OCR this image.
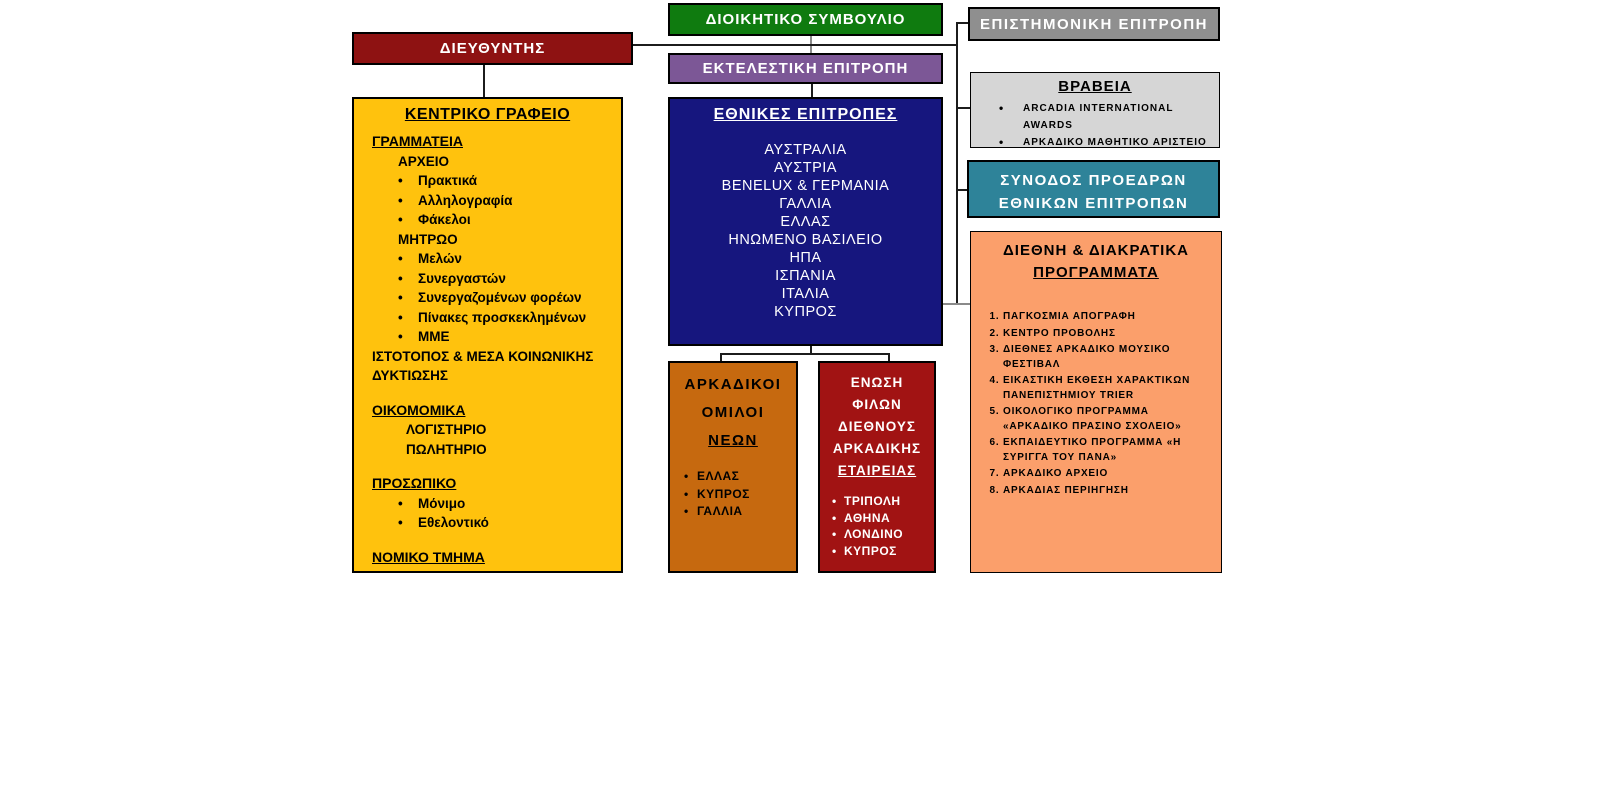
ΔΙΕΥΘΥΝΤΗΣ
ΔΙΟΙΚΗΤΙΚΟ ΣΥΜΒΟΥΛΙΟ	ΕΠΙΣΤΗΜΟΝΙΚΗ ΕΠΙΤΡΟΠΗ
ΕΚΤΕΛΕΣΤΙΚΗ ΕΠΙΤΡΟΠΗ
ΚΕΝΤΡΙΚΟ ΓΡΑΦΕΙΟ
ΓΡΑΜΜΑΤΕΙΑ
ΑΡΧΕΙΟ
• Πρακτικά
• Αλληλογραφία
• Φάκελοι
ΜΗΤΡΩΟ
• Μελών
• Συνεργαστών
• Συνεργαζομένων φορέων
• Πίνακες προσκεκλημένων
• ΜΜΕ
ΙΣΤΟΤΟΠΟΣ & ΜΕΣΑ ΚΟΙΝΩΝΙΚΗΣ ΔΥΚΤΙΩΣΗΣ
ΟΙΚΟΜΟΜΙΚΑ
ΛΟΓΙΣΤΗΡΙΟ
ΠΩΛΗΤΗΡΙΟ
ΠΡΟΣΩΠΙΚΟ
• Μόνιμο
• Εθελοντικό
ΝΟΜΙΚΟ ΤΜΗΜΑ
ΕΘΝΙΚΕΣ ΕΠΙΤΡΟΠΕΣ
ΑΥΣΤΡΑΛΙΑ
ΑΥΣΤΡΙΑ
BENELUX & ΓΕΡΜΑΝΙΑ
ΓΑΛΛΙΑ
ΕΛΛΑΣ
ΗΝΩΜΕΝΟ ΒΑΣΙΛΕΙΟ
ΗΠΑ
ΙΣΠΑΝΙΑ
ΙΤΑΛΙΑ
ΚΥΠΡΟΣ
ΒΡΑΒΕΙΑ
• ARCADIA INTERNATIONAL AWARDS
• ΑΡΚΑΔΙΚΟ ΜΑΘΗΤΙΚΟ ΑΡΙΣΤΕΙΟ
ΣΥΝΟΔΟΣ ΠΡΟΕΔΡΩΝ
ΕΘΝΙΚΩΝ ΕΠΙΤΡΟΠΩΝ
ΔΙΕΘΝΗ & ΔΙΑΚΡΑΤΙΚΑ
ΠΡΟΓΡΑΜΜΑΤΑ
1. ΠΑΓΚΟΣΜΙΑ ΑΠΟΓΡΑΦΗ
2. ΚΕΝΤΡΟ ΠΡΟΒΟΛΗΣ
3. ΔΙΕΘΝΕΣ ΑΡΚΑΔΙΚΟ ΜΟΥΣΙΚΟ ΦΕΣΤΙΒΑΛ
4. ΕΙΚΑΣΤΙΚΗ ΕΚΘΕΣΗ ΧΑΡΑΚΤΙΚΩΝ ΠΑΝΕΠΙΣΤΗΜΙΟΥ TRIER
5. ΟΙΚΟΛΟΓΙΚΟ ΠΡΟΓΡΑΜΜΑ «ΑΡΚΑΔΙΚΟ ΠΡΑΣΙΝΟ ΣΧΟΛΕΙΟ»
6. ΕΚΠΑΙΔΕΥΤΙΚΟ ΠΡΟΓΡΑΜΜΑ «Η ΣΥΡΙΓΓΑ ΤΟΥ ΠΑΝΑ»
7. ΑΡΚΑΔΙΚΟ ΑΡΧΕΙΟ
8. ΑΡΚΑΔΙΑΣ ΠΕΡΙΗΓΗΣΗ
ΑΡΚΑΔΙΚΟΙ
ΟΜΙΛΟΙ
ΝΕΩΝ
• ΕΛΛΑΣ
• ΚΥΠΡΟΣ
• ΓΑΛΛΙΑ
ΕΝΩΣΗ
ΦΙΛΩΝ
ΔΙΕΘΝΟΥΣ
ΑΡΚΑΔΙΚΗΣ
ΕΤΑΙΡΕΙΑΣ
• ΤΡΙΠΟΛΗ
• ΑΘΗΝΑ
• ΛΟΝΔΙΝΟ
• ΚΥΠΡΟΣ
